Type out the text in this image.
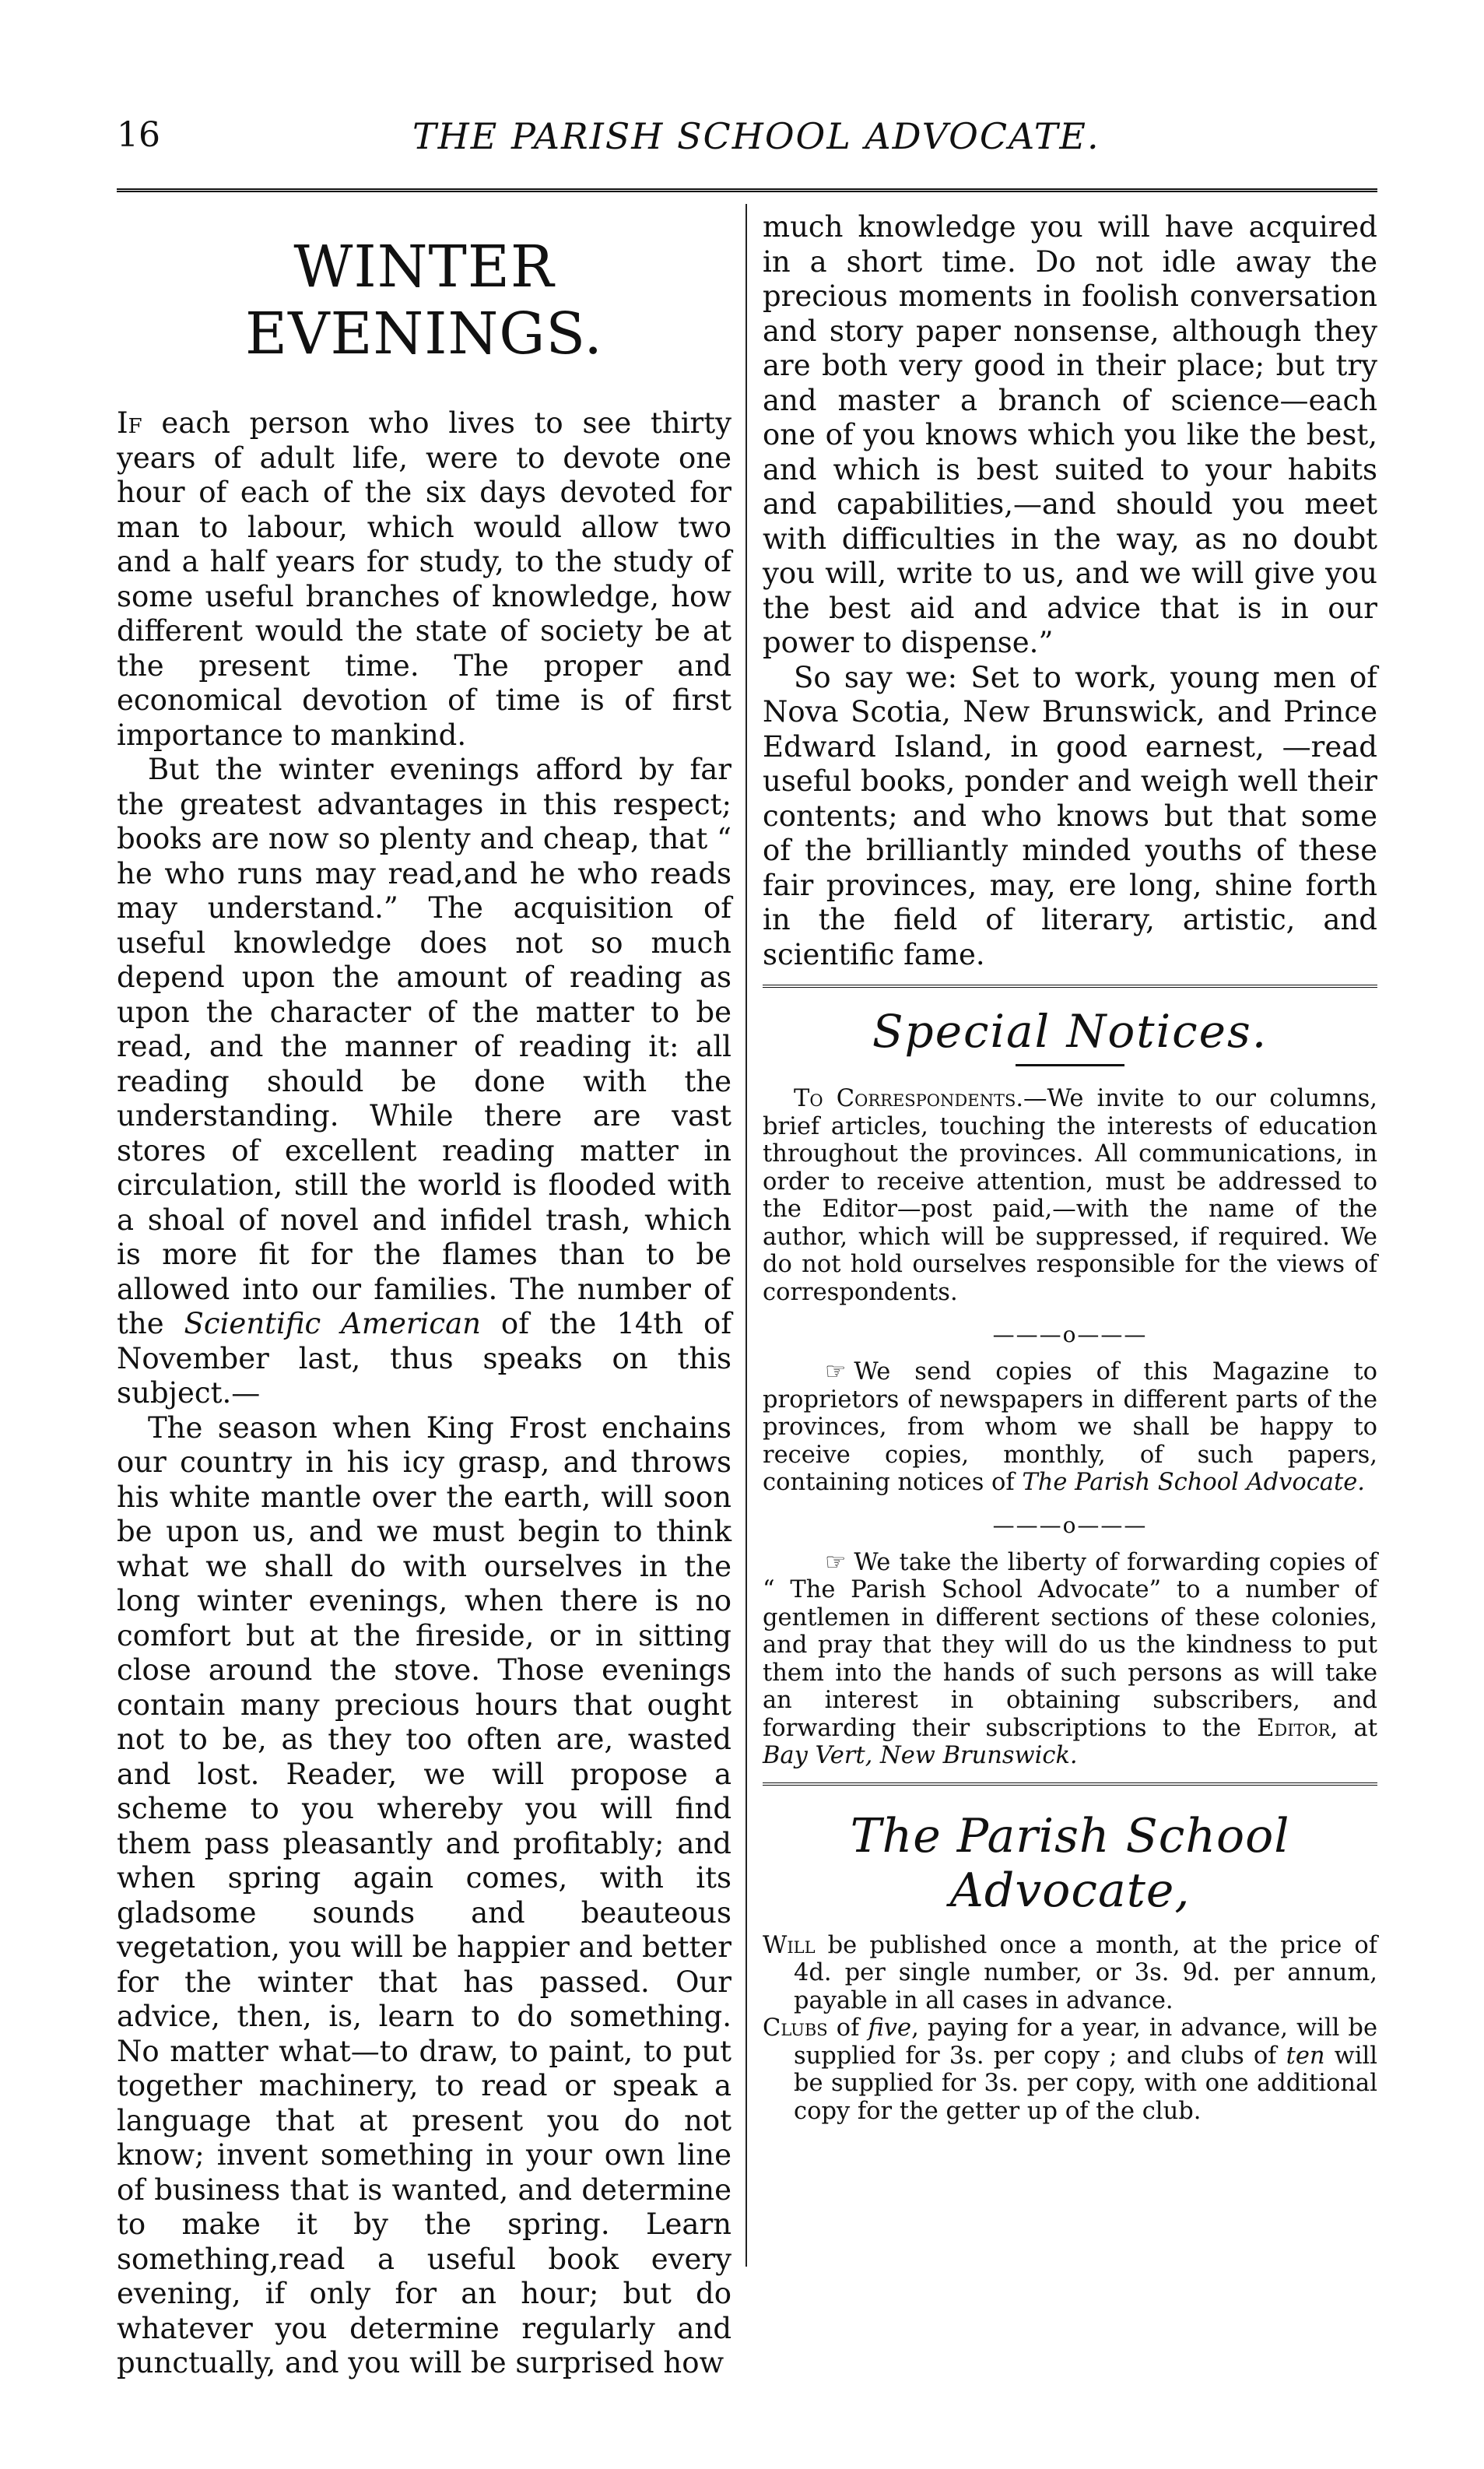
16	THE PARISH SCHOOL ADVOCATE.
WINTER EVENINGS.

If each person who lives to see thirty years of adult life, were to devote one hour of each of the six days devoted for man to labour, which would allow two and a half years for study, to the study of some useful branches of knowledge, how different would the state of society be at the present time. The proper and economical devotion of time is of first importance to mankind.

But the winter evenings afford by far the greatest advantages in this respect; books are now so plenty and cheap, that “ he who runs may read,and he who reads may understand.” The acquisition of useful knowledge does not so much depend upon the amount of reading as upon the character of the matter to be read, and the manner of reading it: all reading should be done with the understanding. While there are vast stores of excellent reading matter in circulation, still the world is flooded with a shoal of novel and infidel trash, which is more fit for the flames than to be allowed into our families. The number of the Scientific American of the 14th of November last, thus speaks on this subject.—

The season when King Frost enchains our country in his icy grasp, and throws his white mantle over the earth, will soon be upon us, and we must begin to think what we shall do with ourselves in the long winter evenings, when there is no comfort but at the fireside, or in sitting close around the stove. Those evenings contain many precious hours that ought not to be, as they too often are, wasted and lost. Reader, we will propose a scheme to you whereby you will find them pass pleasantly and profitably; and when spring again comes, with its gladsome sounds and beauteous vegetation, you will be happier and better for the winter that has passed. Our advice, then, is, learn to do something. No matter what—to draw, to paint, to put together machinery, to read or speak a language that at present you do not know; invent something in your own line of business that is wanted, and determine to make it by the spring. Learn something,read a useful book every evening, if only for an hour; but do whatever you determine regularly and punctually, and you will be surprised how

much knowledge you will have acquired in a short time. Do not idle away the precious moments in foolish conversation and story paper nonsense, although they are both very good in their place; but try and master a branch of science—each one of you knows which you like the best, and which is best suited to your habits and capabilities,—and should you meet with difficulties in the way, as no doubt you will, write to us, and we will give you the best aid and advice that is in our power to dispense.”

So say we: Set to work, young men of Nova Scotia, New Brunswick, and Prince Edward Island, in good earnest, —read useful books, ponder and weigh well their contents; and who knows but that some of the brilliantly minded youths of these fair provinces, may, ere long, shine forth in the field of literary, artistic, and scientific fame.

Special Notices.

To Correspondents.—We invite to our columns, brief articles, touching the interests of education throughout the provinces. All communications, in order to receive attention, must be addressed to the Editor—post paid,—with the name of the author, which will be suppressed, if required. We do not hold ourselves responsible for the views of correspondents.

———o———

☞ We send copies of this Magazine to proprietors of newspapers in different parts of the provinces, from whom we shall be happy to receive copies, monthly, of such papers, containing notices of The Parish School Advocate.

———o———

☞ We take the liberty of forwarding copies of “ The Parish School Advocate” to a number of gentlemen in different sections of these colonies, and pray that they will do us the kindness to put them into the hands of such persons as will take an interest in obtaining subscribers, and forwarding their subscriptions to the Editor, at Bay Vert, New Brunswick.

The Parish School Advocate,

Will be published once a month, at the price of 4d. per single number, or 3s. 9d. per annum, payable in all cases in advance.

Clubs of five, paying for a year, in advance, will be supplied for 3s. per copy ; and clubs of ten will be supplied for 3s. per copy, with one additional copy for the getter up of the club.
